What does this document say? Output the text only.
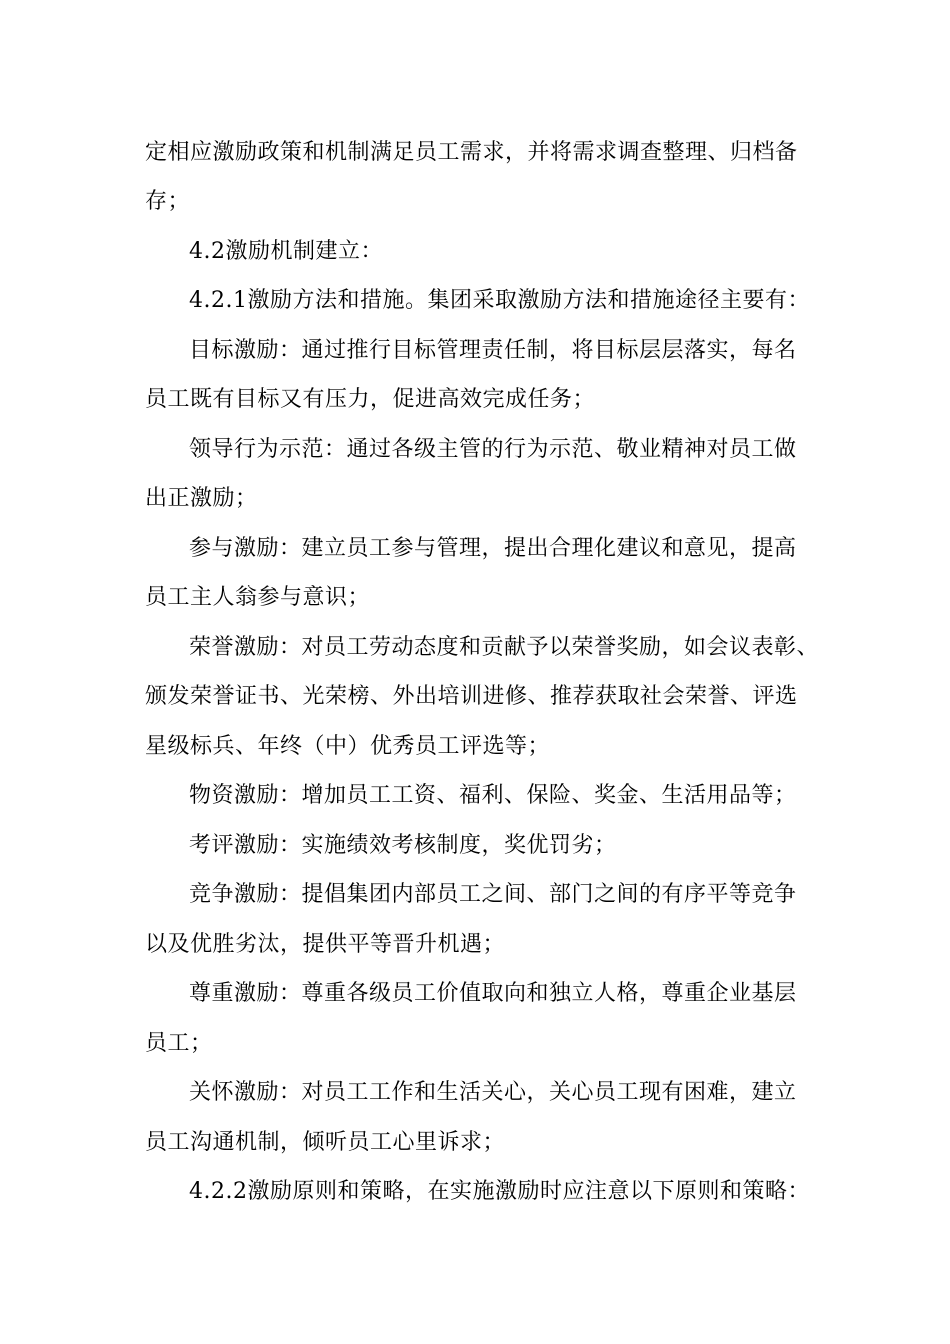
定相应激励政策和机制满足员工需求，并将需求调查整理、归档备
存；
4.2激励机制建立：
4.2.1激励方法和措施。集团采取激励方法和措施途径主要有：
目标激励：通过推行目标管理责任制，将目标层层落实，每名
员工既有目标又有压力，促进高效完成任务；
领导行为示范：通过各级主管的行为示范、敬业精神对员工做
出正激励；
参与激励：建立员工参与管理，提出合理化建议和意见，提高
员工主人翁参与意识；
荣誉激励：对员工劳动态度和贡献予以荣誉奖励，如会议表彰、
颁发荣誉证书、光荣榜、外出培训进修、推荐获取社会荣誉、评选
星级标兵、年终（中）优秀员工评选等；
物资激励：增加员工工资、福利、保险、奖金、生活用品等；
考评激励：实施绩效考核制度，奖优罚劣；
竞争激励：提倡集团内部员工之间、部门之间的有序平等竞争
以及优胜劣汰，提供平等晋升机遇；
尊重激励：尊重各级员工价值取向和独立人格，尊重企业基层
员工；
关怀激励：对员工工作和生活关心，关心员工现有困难，建立
员工沟通机制，倾听员工心里诉求；
4.2.2激励原则和策略，在实施激励时应注意以下原则和策略：
